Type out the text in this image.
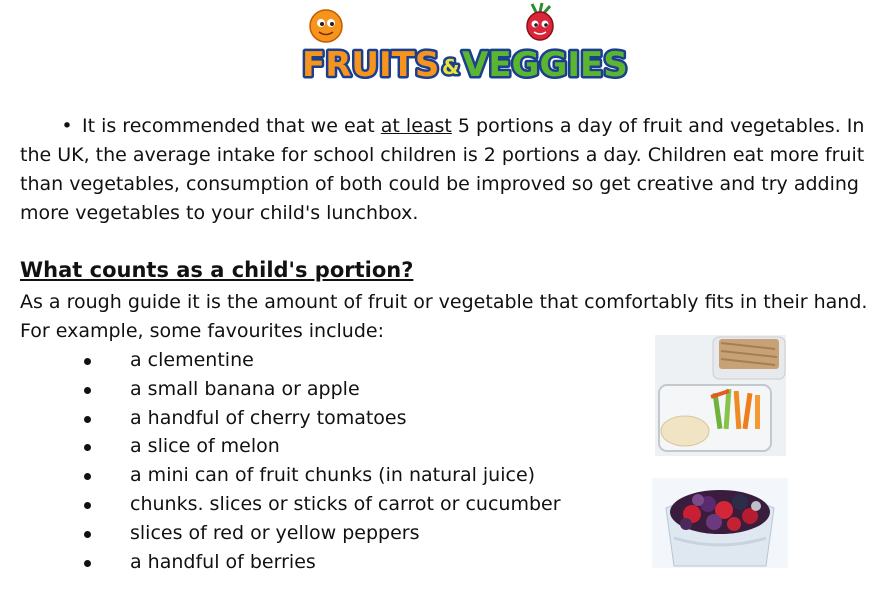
FRUITS & VEGGIES
• It is recommended that we eat at least 5 portions a day of fruit and vegetables. In the UK, the average intake for school children is 2 portions a day. Children eat more fruit than vegetables, consumption of both could be improved so get creative and try adding more vegetables to your child's lunchbox.
What counts as a child's portion?
As a rough guide it is the amount of fruit or vegetable that comfortably fits in their hand. For example, some favourites include:
a clementine
a small banana or apple
a handful of cherry tomatoes
a slice of melon
a mini can of fruit chunks (in natural juice)
chunks. slices or sticks of carrot or cucumber
slices of red or yellow peppers
a handful of berries
